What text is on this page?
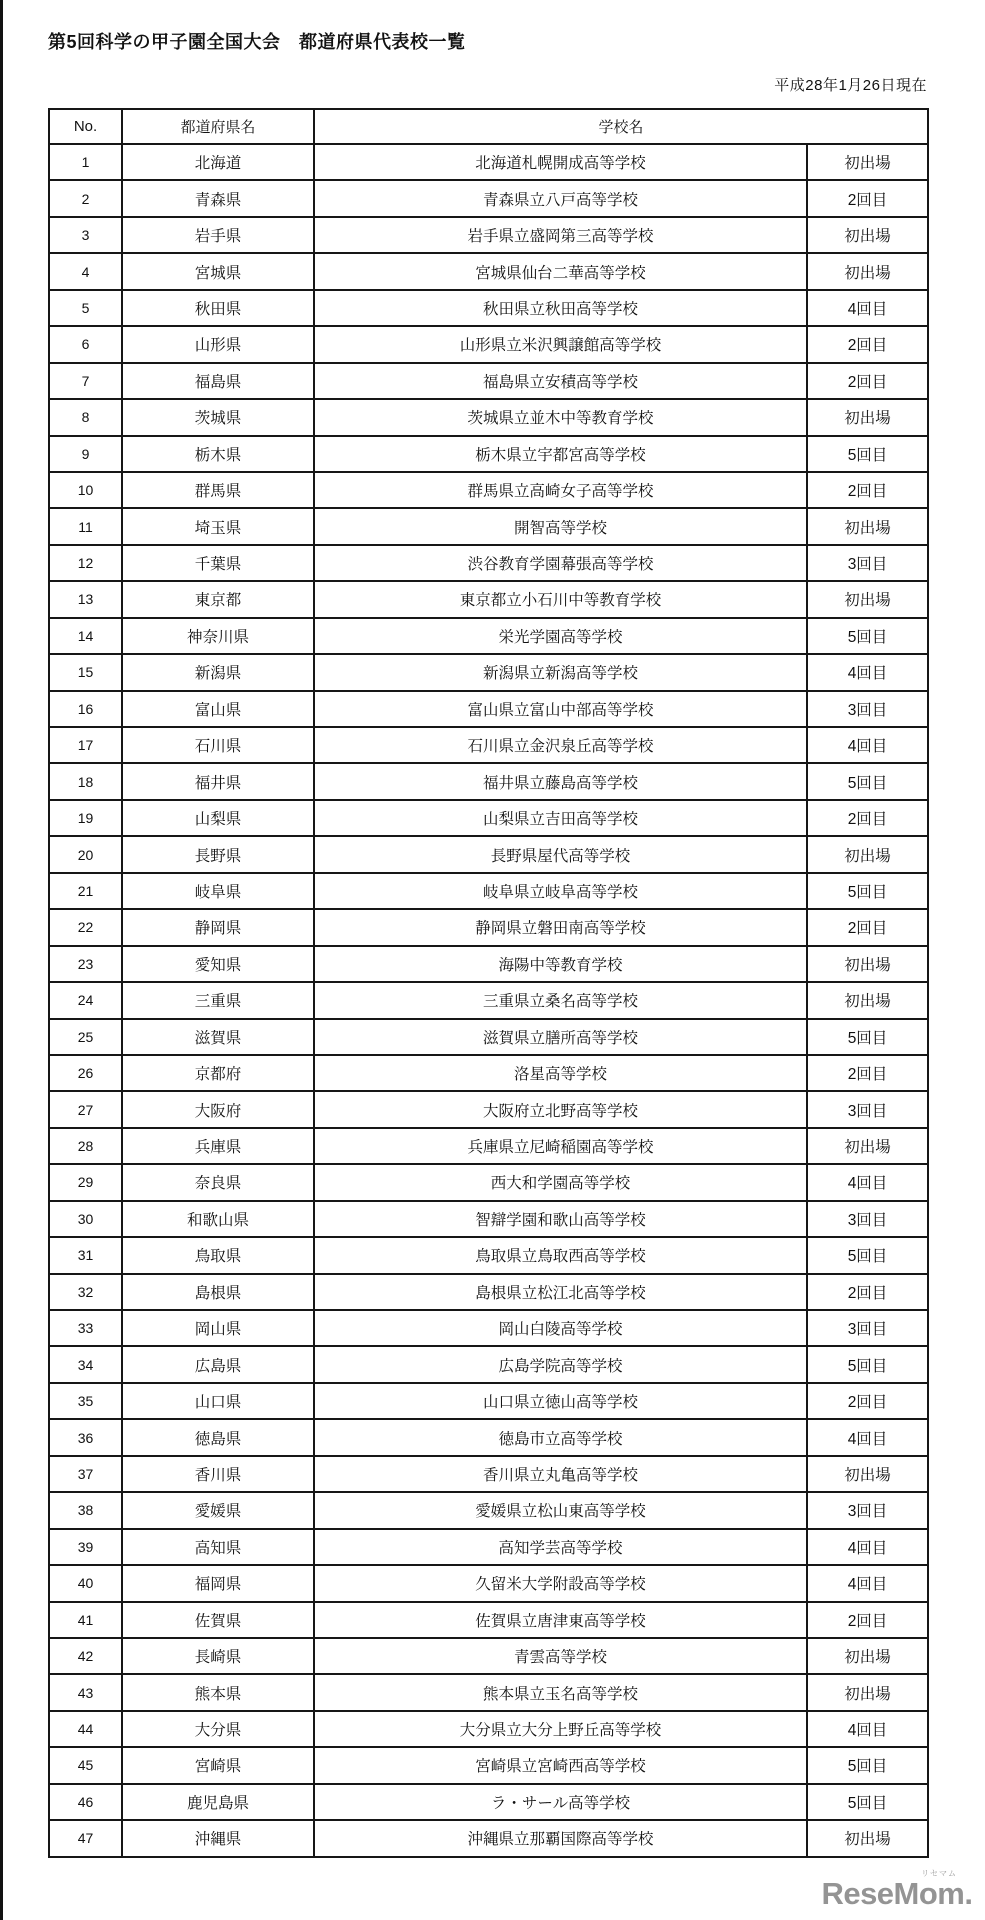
第5回科学の甲子園全国大会　都道府県代表校一覧
平成28年1月26日現在
No.	都道府県名	学校名	
1	北海道	北海道札幌開成高等学校	初出場
2	青森県	青森県立八戸高等学校	2回目
3	岩手県	岩手県立盛岡第三高等学校	初出場
4	宮城県	宮城県仙台二華高等学校	初出場
5	秋田県	秋田県立秋田高等学校	4回目
6	山形県	山形県立米沢興譲館高等学校	2回目
7	福島県	福島県立安積高等学校	2回目
8	茨城県	茨城県立並木中等教育学校	初出場
9	栃木県	栃木県立宇都宮高等学校	5回目
10	群馬県	群馬県立高崎女子高等学校	2回目
11	埼玉県	開智高等学校	初出場
12	千葉県	渋谷教育学園幕張高等学校	3回目
13	東京都	東京都立小石川中等教育学校	初出場
14	神奈川県	栄光学園高等学校	5回目
15	新潟県	新潟県立新潟高等学校	4回目
16	富山県	富山県立富山中部高等学校	3回目
17	石川県	石川県立金沢泉丘高等学校	4回目
18	福井県	福井県立藤島高等学校	5回目
19	山梨県	山梨県立吉田高等学校	2回目
20	長野県	長野県屋代高等学校	初出場
21	岐阜県	岐阜県立岐阜高等学校	5回目
22	静岡県	静岡県立磐田南高等学校	2回目
23	愛知県	海陽中等教育学校	初出場
24	三重県	三重県立桑名高等学校	初出場
25	滋賀県	滋賀県立膳所高等学校	5回目
26	京都府	洛星高等学校	2回目
27	大阪府	大阪府立北野高等学校	3回目
28	兵庫県	兵庫県立尼崎稲園高等学校	初出場
29	奈良県	西大和学園高等学校	4回目
30	和歌山県	智辯学園和歌山高等学校	3回目
31	鳥取県	鳥取県立鳥取西高等学校	5回目
32	島根県	島根県立松江北高等学校	2回目
33	岡山県	岡山白陵高等学校	3回目
34	広島県	広島学院高等学校	5回目
35	山口県	山口県立徳山高等学校	2回目
36	徳島県	徳島市立高等学校	4回目
37	香川県	香川県立丸亀高等学校	初出場
38	愛媛県	愛媛県立松山東高等学校	3回目
39	高知県	高知学芸高等学校	4回目
40	福岡県	久留米大学附設高等学校	4回目
41	佐賀県	佐賀県立唐津東高等学校	2回目
42	長崎県	青雲高等学校	初出場
43	熊本県	熊本県立玉名高等学校	初出場
44	大分県	大分県立大分上野丘高等学校	4回目
45	宮崎県	宮崎県立宮崎西高等学校	5回目
46	鹿児島県	ラ・サール高等学校	5回目
47	沖縄県	沖縄県立那覇国際高等学校	初出場
リセマム
ReseMom.
